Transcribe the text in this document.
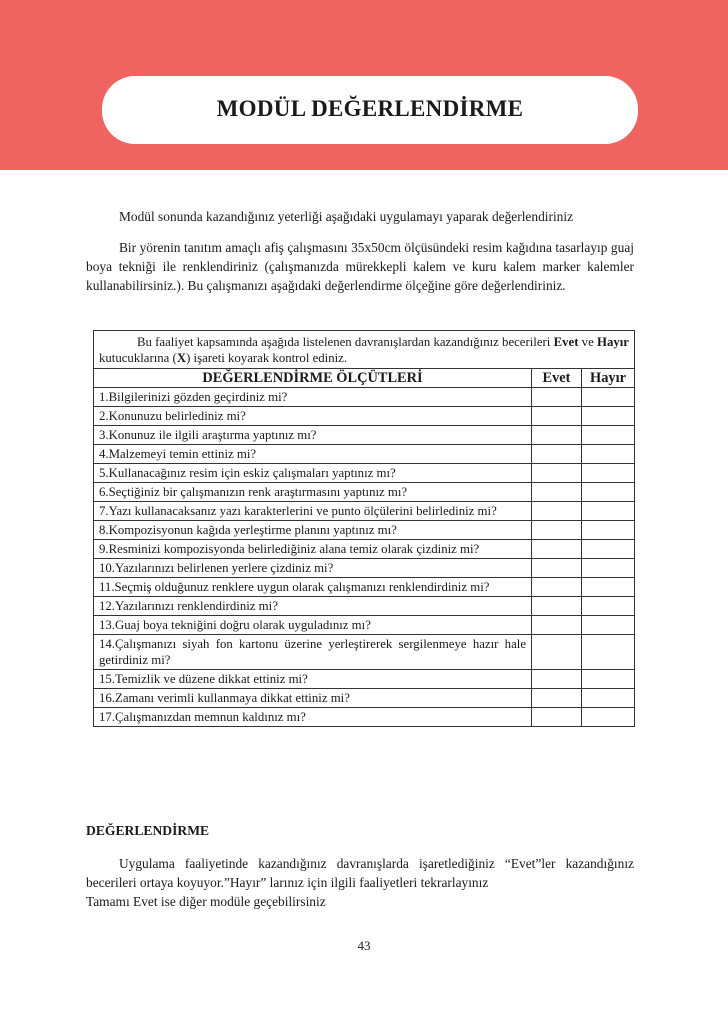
MODÜL DEĞERLENDİRME
Modül sonunda kazandığınız yeterliği aşağıdaki uygulamayı yaparak değerlendiriniz
Bir yörenin tanıtım amaçlı afiş çalışmasını 35x50cm ölçüsündeki resim kağıdına tasarlayıp guaj boya tekniği ile renklendiriniz (çalışmanızda mürekkepli kalem ve kuru kalem marker kalemler kullanabilirsiniz.). Bu çalışmanızı aşağıdaki değerlendirme ölçeğine göre değerlendiriniz.
Bu faaliyet kapsamında aşağıda listelenen davranışlardan kazandığınız becerileri Evet ve Hayır kutucuklarına (X) işareti koyarak kontrol ediniz.		
DEĞERLENDİRME ÖLÇÜTLERİ	Evet	Hayır
1.Bilgilerinizi gözden geçirdiniz mi?		
2.Konunuzu belirlediniz mi?		
3.Konunuz ile ilgili araştırma yaptınız mı?		
4.Malzemeyi temin ettiniz mi?		
5.Kullanacağınız resim için eskiz çalışmaları yaptınız mı?		
6.Seçtiğiniz bir çalışmanızın renk araştırmasını yaptınız mı?		
7.Yazı kullanacaksanız yazı karakterlerini ve punto ölçülerini belirlediniz mi?		
8.Kompozisyonun kağıda yerleştirme planını yaptınız mı?		
9.Resminizi kompozisyonda belirlediğiniz alana temiz olarak çizdiniz mi?		
10.Yazılarınızı belirlenen yerlere çizdiniz mi?		
11.Seçmiş olduğunuz renklere uygun olarak çalışmanızı renklendirdiniz mi?		
12.Yazılarınızı renklendirdiniz mi?		
13.Guaj boya tekniğini doğru olarak uyguladınız mı?		
14.Çalışmanızı siyah fon kartonu üzerine yerleştirerek sergilenmeye hazır hale getirdiniz mi?		
15.Temizlik ve düzene dikkat ettiniz mi?		
16.Zamanı verimli kullanmaya dikkat ettiniz mi?		
17.Çalışmanızdan memnun kaldınız mı?		
DEĞERLENDİRME
Uygulama faaliyetinde kazandığınız davranışlarda işaretlediğiniz “Evet”ler kazandığınız becerileri ortaya koyuyor.”Hayır” larınız için ilgili faaliyetleri tekrarlayınız
Tamamı Evet ise diğer modüle geçebilirsiniz
43
